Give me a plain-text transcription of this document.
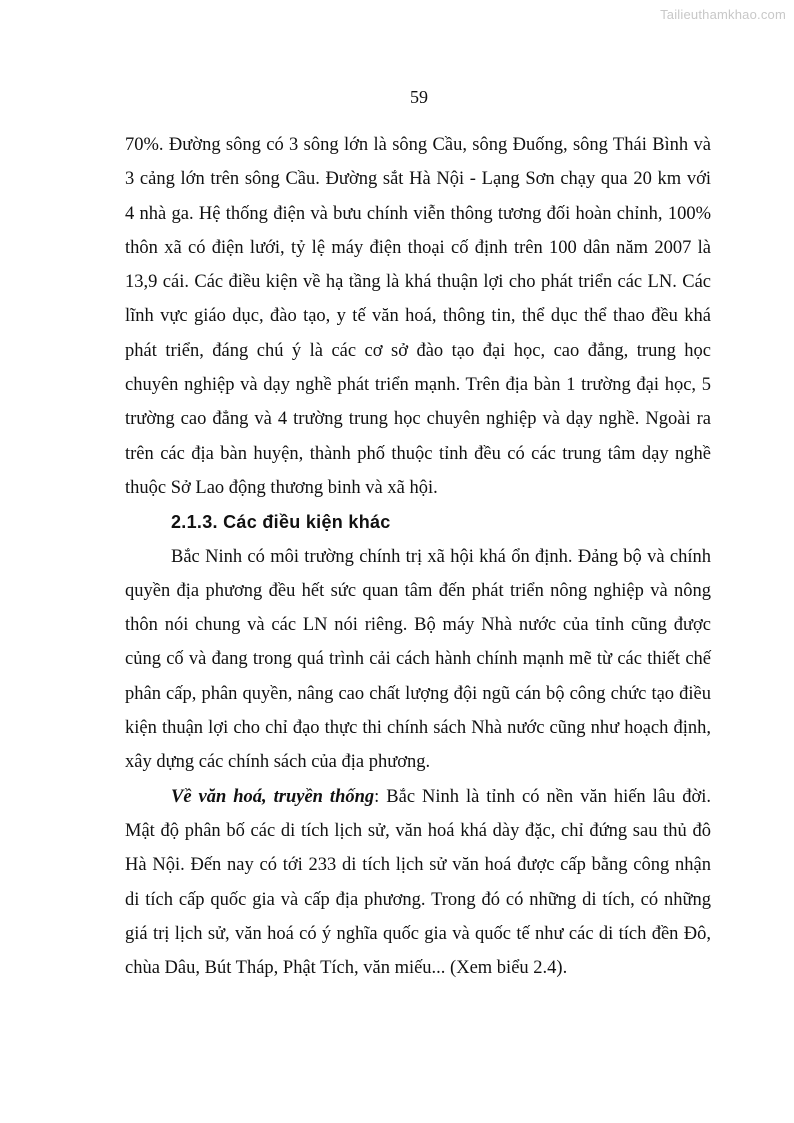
Tailieuthamkhao.com
59
70%. Đường sông có 3 sông lớn là sông Cầu, sông Đuống, sông Thái Bình và
3 cảng lớn trên sông Cầu. Đường sắt Hà Nội - Lạng Sơn chạy qua 20 km với
4 nhà ga. Hệ thống điện và bưu chính viễn thông tương đối hoàn chỉnh, 100%
thôn xã có điện lưới, tỷ lệ máy điện thoại cố định trên 100 dân năm 2007 là
13,9 cái. Các điều kiện về hạ tầng là khá thuận lợi cho phát triển các LN. Các
lĩnh vực giáo dục, đào tạo, y tế văn hoá, thông tin, thể dục thể thao đều khá
phát triển, đáng chú ý là các cơ sở đào tạo đại học, cao đẳng, trung học
chuyên nghiệp và dạy nghề phát triển mạnh. Trên địa bàn 1 trường đại học, 5
trường cao đẳng và 4 trường trung học chuyên nghiệp và dạy nghề. Ngoài ra
trên các địa bàn huyện, thành phố thuộc tỉnh đều có các trung tâm dạy nghề
thuộc Sở Lao động thương binh và xã hội.
2.1.3. Các điều kiện khác
Bắc Ninh có môi trường chính trị xã hội khá ổn định. Đảng bộ và chính
quyền địa phương đều hết sức quan tâm đến phát triển nông nghiệp và nông
thôn nói chung và các LN nói riêng. Bộ máy Nhà nước của tỉnh cũng được
củng cố và đang trong quá trình cải cách hành chính mạnh mẽ từ các thiết chế
phân cấp, phân quyền, nâng cao chất lượng đội ngũ cán bộ công chức tạo điều
kiện thuận lợi cho chỉ đạo thực thi chính sách Nhà nước cũng như hoạch định,
xây dựng các chính sách của địa phương.
Về văn hoá, truyền thống: Bắc Ninh là tỉnh có nền văn hiến lâu đời.
Mật độ phân bố các di tích lịch sử, văn hoá khá dày đặc, chỉ đứng sau thủ đô
Hà Nội. Đến nay có tới 233 di tích lịch sử văn hoá được cấp bằng công nhận
di tích cấp quốc gia và cấp địa phương. Trong đó có những di tích, có những
giá trị lịch sử, văn hoá có ý nghĩa quốc gia và quốc tế như các di tích đền Đô,
chùa Dâu, Bút Tháp, Phật Tích, văn miếu... (Xem biểu 2.4).
